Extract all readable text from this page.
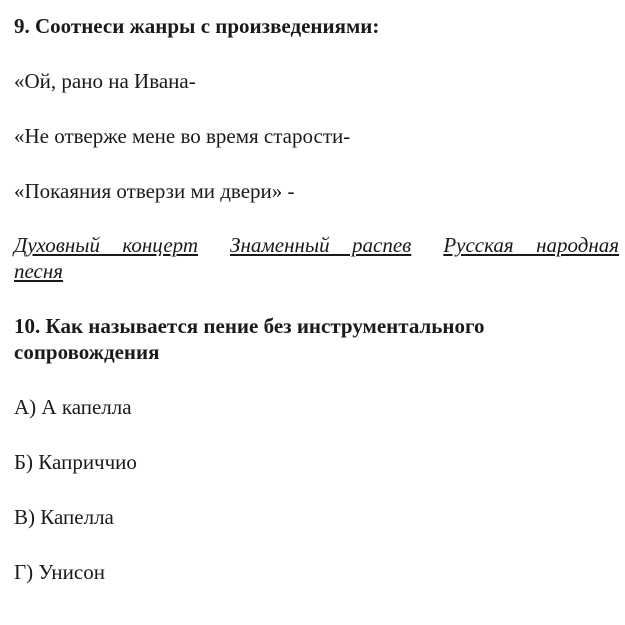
9. Соотнеси жанры с произведениями:

«Ой, рано на Ивана-

«Не отверже мене во время старости-

«Покаяния отверзи ми двери» -

Духовный концерт Знаменный распев Русская народная песня

10. Как называется пение без инструментального сопровождения

А) А капелла

Б) Каприччио

В) Капелла

Г) Унисон
